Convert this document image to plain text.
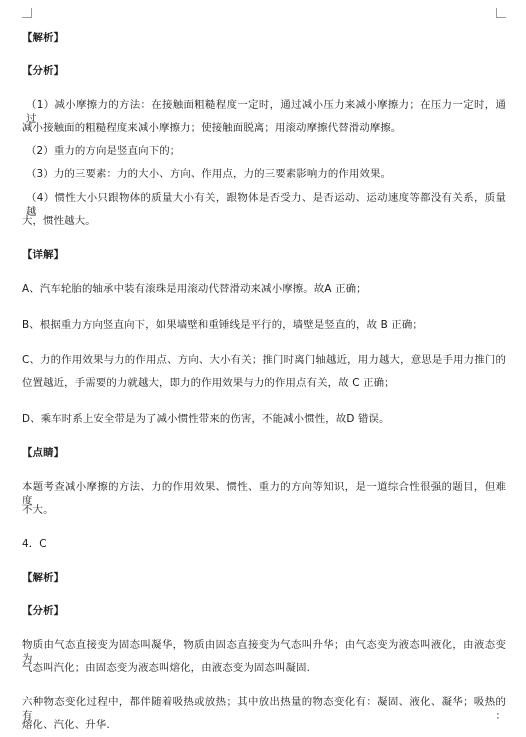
【解析】
【分析】
（1）减小摩擦力的方法：在接触面粗糙程度一定时，通过减小压力来减小摩擦力；在压力一定时，通过
减小接触面的粗糙程度来减小摩擦力；使接触面脱离；用滚动摩擦代替滑动摩擦。
（2）重力的方向是竖直向下的；
（3）力的三要素：力的大小、方向、作用点，力的三要素影响力的作用效果。
（4）惯性大小只跟物体的质量大小有关，跟物体是否受力、是否运动、运动速度等都没有关系，质量越
大，惯性越大。
【详解】
A、汽车轮胎的轴承中装有滚珠是用滚动代替滑动来减小摩擦。故A 正确；
B、根据重力方向竖直向下，如果墙壁和重锤线是平行的，墙壁是竖直的，故 B 正确；
C、力的作用效果与力的作用点、方向、大小有关；推门时离门轴越近，用力越大，意思是手用力推门的
位置越近，手需要的力就越大，即力的作用效果与力的作用点有关，故 C 正确；
D、乘车时系上安全带是为了减小惯性带来的伤害，不能减小惯性，故D 错误。
【点睛】
本题考查减小摩擦的方法、力的作用效果、惯性、重力的方向等知识，是一道综合性很强的题目，但难度
不大。
4．C
【解析】
【分析】
物质由气态直接变为固态叫凝华，物质由固态直接变为气态叫升华；由气态变为液态叫液化，由液态变为
气态叫汽化；由固态变为液态叫熔化，由液态变为固态叫凝固.
六种物态变化过程中，都伴随着吸热或放热；其中放出热量的物态变化有：凝固、液化、凝华；吸热的有：
熔化、汽化、升华.
